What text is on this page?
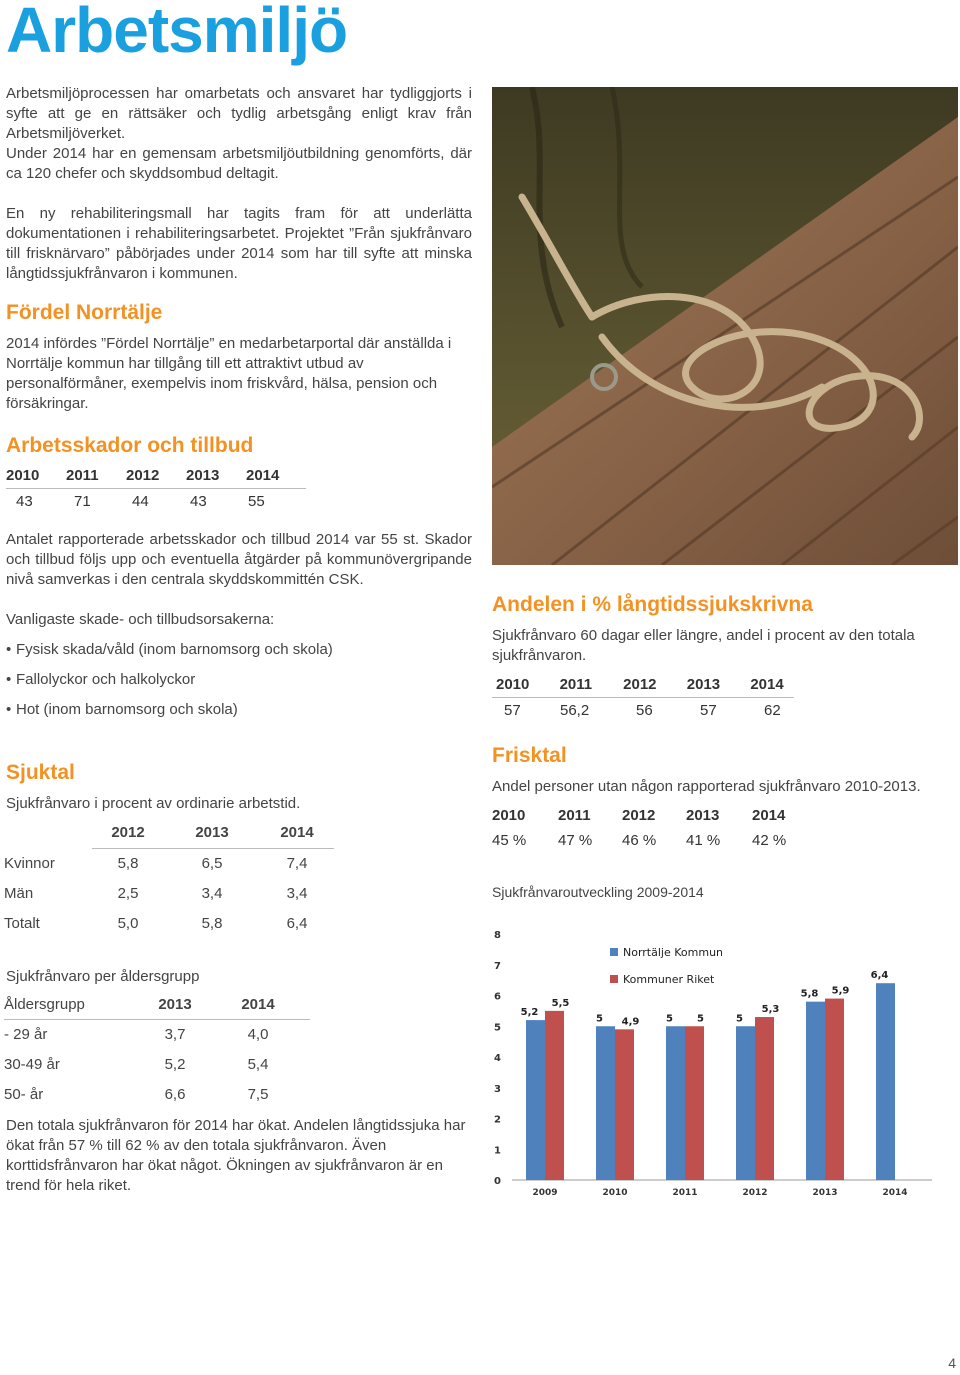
Arbetsmiljö

Arbetsmiljöprocessen har omarbetats och ansvaret har tydliggjorts i syfte att ge en rättsäker och tydlig arbetsgång enligt krav från Arbetsmiljöverket.

Under 2014 har en gemensam arbetsmiljöutbildning genomförts, där ca 120 chefer och skyddsombud deltagit.

En ny rehabiliteringsmall har tagits fram för att underlätta dokumentationen i rehabiliteringsarbetet. Projektet ”Från sjukfrånvaro till frisknärvaro” påbörjades under 2014 som har till syfte att minska långtidssjukfrånvaron i kommunen.

Fördel Norrtälje

2014 infördes ”Fördel Norrtälje” en medarbetarportal där anställda i Norrtälje kommun har tillgång till ett attraktivt utbud av personalförmåner, exempelvis inom friskvård, hälsa, pension och försäkringar.

Arbetsskador och tillbud
2010	2011	2012	2013	2014
43	71	44	43	55

Antalet rapporterade arbetsskador och tillbud 2014 var 55 st. Skador och tillbud följs upp och eventuella åtgärder på kommunövergripande nivå samverkas i den centrala skyddskommittén CSK.

Vanligaste skade- och tillbudsorsakerna:

• Fysisk skada/våld (inom barnomsorg och skola)
• Fallolyckor och halkolyckor
• Hot (inom barnomsorg och skola)
Sjuktal

Sjukfrånvaro i procent av ordinarie arbetstid.

	2012	2013	2014
Kvinnor	5,8	6,5	7,4
Män	2,5	3,4	3,4
Totalt	5,0	5,8	6,4

Sjukfrånvaro per åldersgrupp

Åldersgrupp	2013	2014
- 29 år	3,7	4,0
30-49 år	5,2	5,4
50- år	6,6	7,5

Den totala sjukfrånvaron för 2014 har ökat. Andelen långtidssjuka har ökat från 57 % till 62 % av den totala sjukfrånvaron. Även korttidsfrånvaron har ökat något. Ökningen av sjukfrånvaron är en trend för hela riket.

Andelen i % långtidssjukskrivna

Sjukfrånvaro 60 dagar eller längre, andel i procent av den totala sjukfrånvaron.

2010	2011	2012	2013	2014
57	56,2	56	57	62
Frisktal

Andel personer utan någon rapporterad sjukfrånvaro 2010-2013.

2010	2011	2012	2013	2014
45 %	47 %	46 %	41 %	42 %
Sjukfrånvaroutveckling 2009-2014
0
1
2
3
4
5
6
7
8
5,2
5,5
2009
5 4,9
2010
5 5
2011
5
5,3
2012
5,8 5,9
2013
6,4
2014
Norrtälje Kommun
Kommuner Riket
4
